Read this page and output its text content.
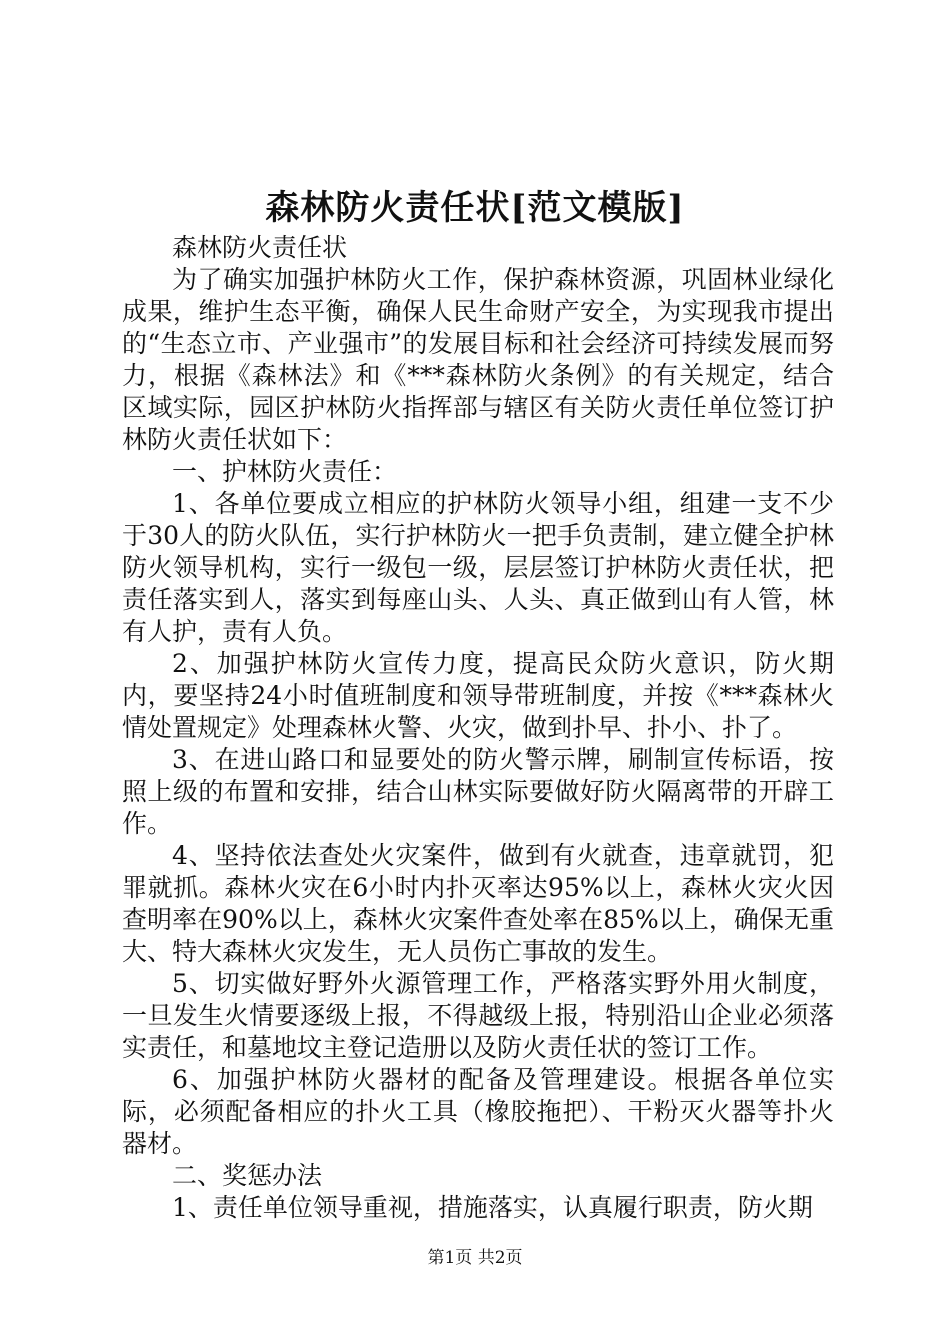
森林防火责任状[范文模版]

森林防火责任状

为了确实加强护林防火工作，保护森林资源，巩固林业绿化成果，维护生态平衡，确保人民生命财产安全，为实现我市提出的“生态立市、产业强市”的发展目标和社会经济可持续发展而努力，根据《森林法》和《***森林防火条例》的有关规定，结合区域实际，园区护林防火指挥部与辖区有关防火责任单位签订护林防火责任状如下：

一、护林防火责任：

1、各单位要成立相应的护林防火领导小组，组建一支不少于30人的防火队伍，实行护林防火一把手负责制，建立健全护林防火领导机构，实行一级包一级，层层签订护林防火责任状，把责任落实到人，落实到每座山头、人头、真正做到山有人管，林有人护，责有人负。

2、加强护林防火宣传力度，提高民众防火意识，防火期内，要坚持24小时值班制度和领导带班制度，并按《***森林火情处置规定》处理森林火警、火灾，做到扑早、扑小、扑了。

3、在进山路口和显要处的防火警示牌，刷制宣传标语，按照上级的布置和安排，结合山林实际要做好防火隔离带的开辟工作。

4、坚持依法查处火灾案件，做到有火就查，违章就罚，犯罪就抓。森林火灾在6小时内扑灭率达95%以上，森林火灾火因查明率在90%以上，森林火灾案件查处率在85%以上，确保无重大、特大森林火灾发生，无人员伤亡事故的发生。

5、切实做好野外火源管理工作，严格落实野外用火制度，一旦发生火情要逐级上报，不得越级上报，特别沿山企业必须落实责任，和墓地坟主登记造册以及防火责任状的签订工作。

6、加强护林防火器材的配备及管理建设。根据各单位实际，必须配备相应的扑火工具（橡胶拖把）、干粉灭火器等扑火器材。

二、奖惩办法

1、责任单位领导重视，措施落实，认真履行职责，防火期

第1页 共2页
